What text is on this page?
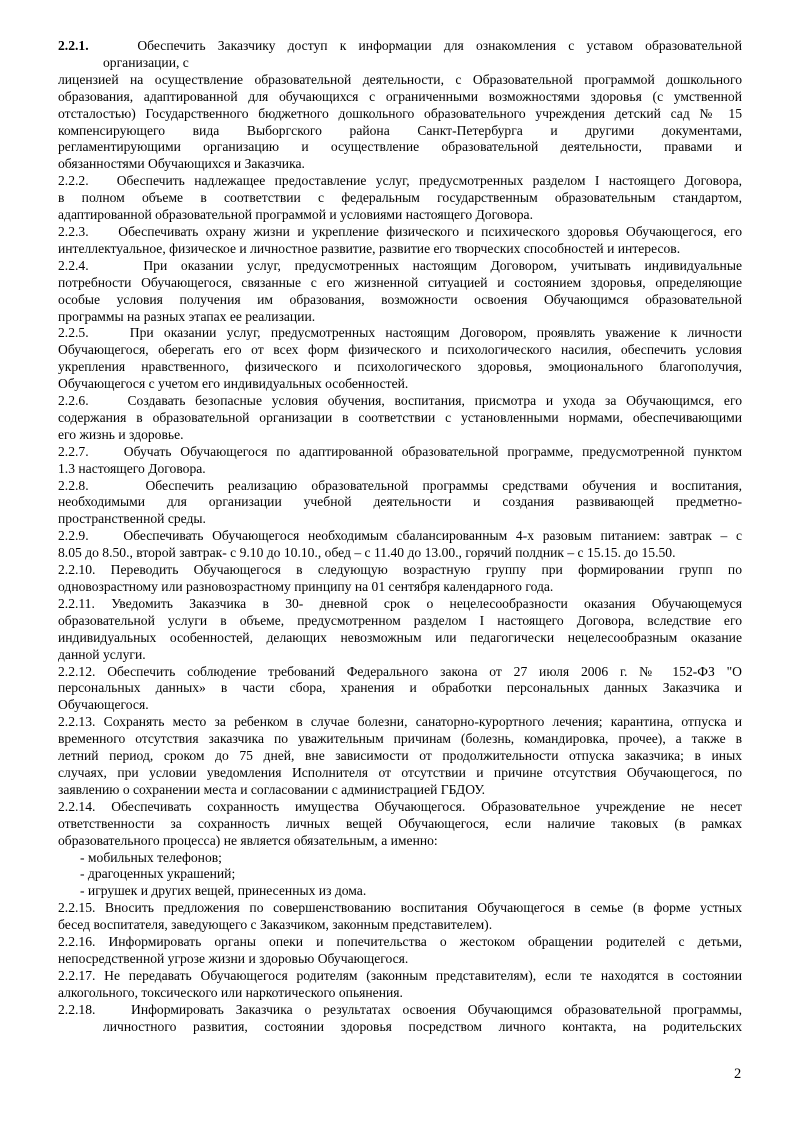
2.2.1.	Обеспечить Заказчику доступ к информации для ознакомления с уставом образовательной
организации, с
лицензией на осуществление образовательной деятельности, с Образовательной программой дошкольного
образования, адаптированной для обучающихся с ограниченными возможностями здоровья (с умственной
отсталостью) Государственного бюджетного дошкольного образовательного учреждения детский сад № 15
компенсирующего вида Выборгского района Санкт-Петербурга и другими документами,
регламентирующими организацию и осуществление образовательной деятельности, правами и
обязанностями Обучающихся и Заказчика.
2.2.2. Обеспечить надлежащее предоставление услуг, предусмотренных разделом I настоящего Договора,
в полном объеме в соответствии с федеральным государственным образовательным стандартом,
адаптированной образовательной программой и условиями настоящего Договора.
2.2.3. Обеспечивать охрану жизни и укрепление физического и психического здоровья Обучающегося, его
интеллектуальное, физическое и личностное развитие, развитие его творческих способностей и интересов.
2.2.4.	При оказании услуг, предусмотренных настоящим Договором, учитывать индивидуальные
потребности Обучающегося, связанные с его жизненной ситуацией и состоянием здоровья, определяющие
особые условия получения им образования, возможности освоения Обучающимся образовательной
программы на разных этапах ее реализации.
2.2.5.	При оказании услуг, предусмотренных настоящим Договором, проявлять уважение к личности
Обучающегося, оберегать его от всех форм физического и психологического насилия, обеспечить условия
укрепления нравственного, физического и психологического здоровья, эмоционального благополучия,
Обучающегося с учетом его индивидуальных особенностей.
2.2.6.	Создавать безопасные условия обучения, воспитания, присмотра и ухода за Обучающимся, его
содержания в образовательной организации в соответствии с установленными нормами, обеспечивающими
его жизнь и здоровье.
2.2.7.	Обучать Обучающегося по адаптированной образовательной программе, предусмотренной пунктом
1.3 настоящего Договора.
2.2.8.	Обеспечить реализацию образовательной программы средствами обучения и воспитания,
необходимыми для организации учебной деятельности и создания развивающей предметно-
пространственной среды.
2.2.9.	Обеспечивать Обучающегося необходимым сбалансированным 4-х разовым питанием: завтрак – с
8.05 до 8.50., второй завтрак- с 9.10 до 10.10., обед – с 11.40 до 13.00., горячий полдник – с 15.15. до 15.50.
2.2.10. Переводить Обучающегося в следующую возрастную группу при формировании групп по
одновозрастному или разновозрастному принципу на 01 сентября календарного года.
2.2.11. Уведомить Заказчика в 30- дневной срок о нецелесообразности оказания Обучающемуся
образовательной услуги в объеме, предусмотренном разделом I настоящего Договора, вследствие его
индивидуальных особенностей, делающих невозможным или педагогически нецелесообразным оказание
данной услуги.
2.2.12. Обеспечить соблюдение требований Федерального закона от 27 июля 2006 г. № 152-ФЗ "О
персональных данных» в части сбора, хранения и обработки персональных данных Заказчика и
Обучающегося.
2.2.13. Сохранять место за ребенком в случае болезни, санаторно-курортного лечения; карантина, отпуска и
временного отсутствия заказчика по уважительным причинам (болезнь, командировка, прочее), а также в
летний период, сроком до 75 дней, вне зависимости от продолжительности отпуска заказчика; в иных
случаях, при условии уведомления Исполнителя от отсутствии и причине отсутствия Обучающегося, по
заявлению о сохранении места и согласовании с администрацией ГБДОУ.
2.2.14. Обеспечивать сохранность имущества Обучающегося. Образовательное учреждение не несет
ответственности за сохранность личных вещей Обучающегося, если наличие таковых (в рамках
образовательного процесса) не является обязательным, а именно:
- мобильных телефонов;
- драгоценных украшений;
- игрушек и других вещей, принесенных из дома.
2.2.15. Вносить предложения по совершенствованию воспитания Обучающегося в семье (в форме устных
бесед воспитателя, заведующего с Заказчиком, законным представителем).
2.2.16. Информировать органы опеки и попечительства о жестоком обращении родителей с детьми,
непосредственной угрозе жизни и здоровью Обучающегося.
2.2.17. Не передавать Обучающегося родителям (законным представителям), если те находятся в состоянии
алкогольного, токсического или наркотического опьянения.
2.2.18.	Информировать Заказчика о результатах освоения Обучающимся образовательной программы,
личностного развития, состоянии здоровья посредством личного контакта, на родительских
2
